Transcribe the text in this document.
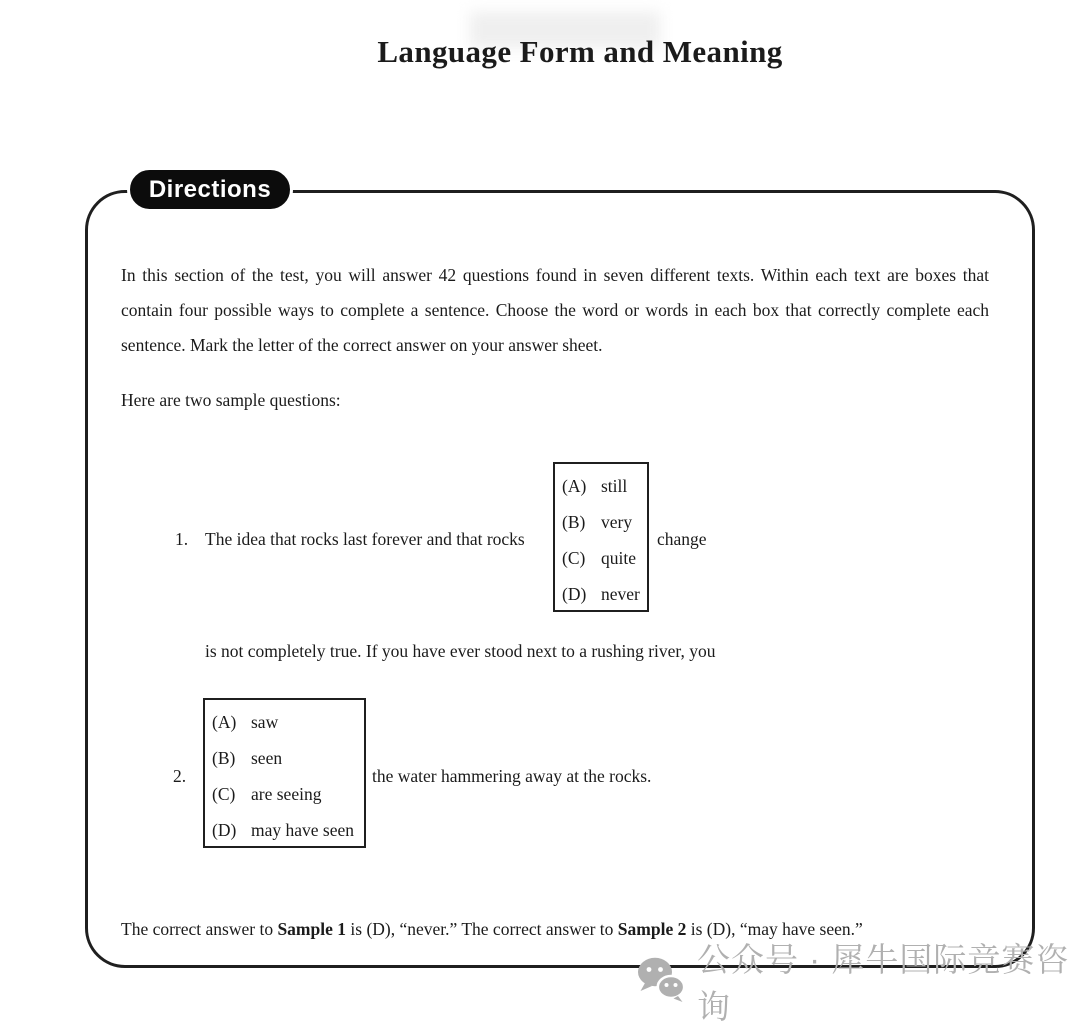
Language Form and Meaning
Directions

In this section of the test, you will answer 42 questions found in seven different texts. Within each text are boxes that contain four possible ways to complete a sentence. Choose the word or words in each box that correctly complete each sentence. Mark the letter of the correct answer on your answer sheet.

Here are two sample questions:
1. The idea that rocks last forever and that rocks
(A) still
(B) very
(C) quite
(D) never
change
is not completely true. If you have ever stood next to a rushing river, you
2.
(A) saw
(B) seen
(C) are seeing
(D) may have seen
the water hammering away at the rocks.

The correct answer to Sample 1 is (D), “never.” The correct answer to Sample 2 is (D), “may have seen.”

公众号 · 犀牛国际竞赛咨询
